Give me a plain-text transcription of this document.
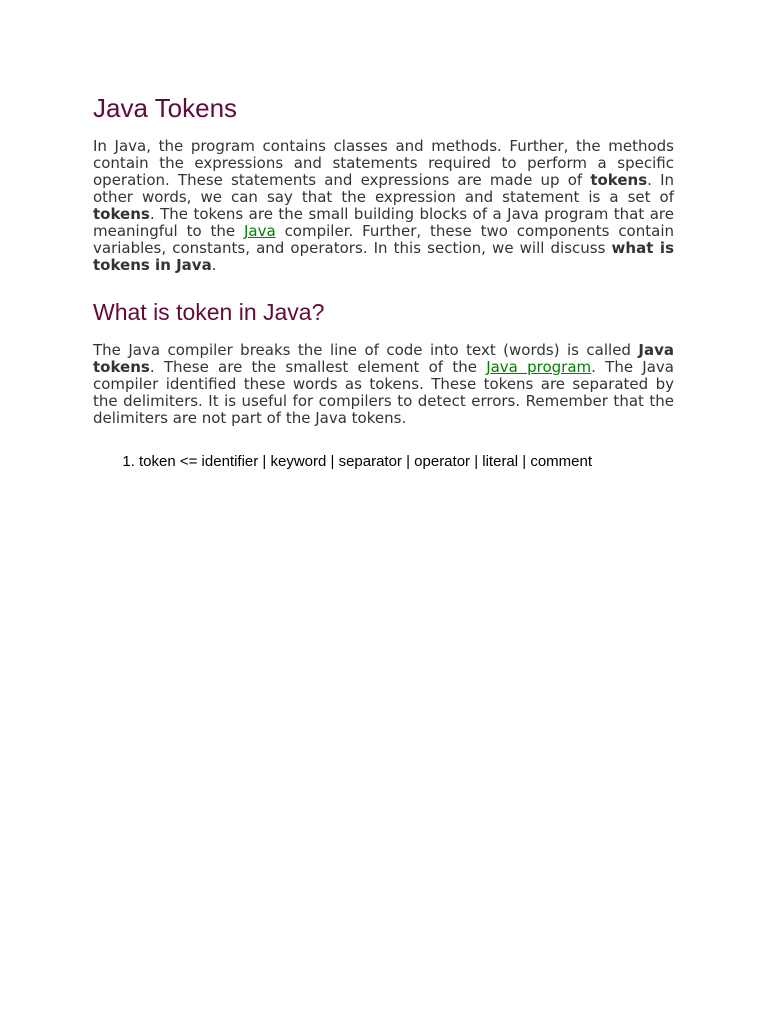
Java Tokens

In Java, the program contains classes and methods. Further, the methods contain the expressions and statements required to perform a specific operation. These statements and expressions are made up of tokens. In other words, we can say that the expression and statement is a set of tokens. The tokens are the small building blocks of a Java program that are meaningful to the Java compiler. Further, these two components contain variables, constants, and operators. In this section, we will discuss what is tokens in Java.

What is token in Java?

The Java compiler breaks the line of code into text (words) is called Java tokens. These are the smallest element of the Java program. The Java compiler identified these words as tokens. These tokens are separated by the delimiters. It is useful for compilers to detect errors. Remember that the delimiters are not part of the Java tokens.

1. token <= identifier | keyword | separator | operator | literal | comment
